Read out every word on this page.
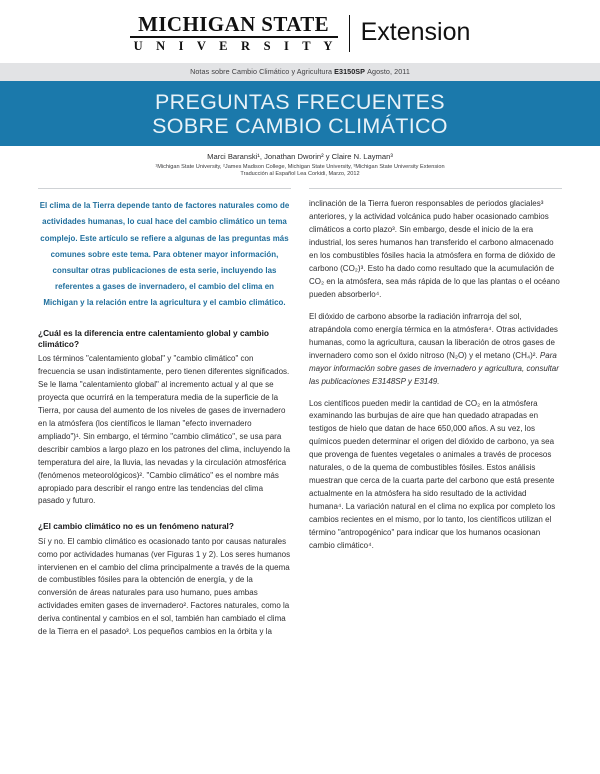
MICHIGAN STATE
U N I V E R S I T Y
Extension
Notas sobre Cambio Climático y Agricultura E3150SP Agosto, 2011
PREGUNTAS FRECUENTES
SOBRE CAMBIO CLIMÁTICO
Marci Baranski¹, Jonathan Dworin² y Claire N. Layman³
¹Michigan State University, ²James Madison College, Michigan State University, ³Michigan State University Extension
Traducción al Español Lea Corkidi, Marzo, 2012
El clima de la Tierra depende tanto de factores naturales como de actividades humanas, lo cual hace del cambio climático un tema complejo. Este artículo se refiere a algunas de las preguntas más comunes sobre este tema. Para obtener mayor información, consultar otras publicaciones de esta serie, incluyendo las referentes a gases de invernadero, el cambio del clima en Michigan y la relación entre la agricultura y el cambio climático.
¿Cuál es la diferencia entre calentamiento global y cambio climático?

Los términos "calentamiento global" y "cambio climático" con frecuencia se usan indistintamente, pero tienen diferentes significados. Se le llama "calentamiento global" al incremento actual y al que se proyecta que ocurrirá en la temperatura media de la superficie de la Tierra, por causa del aumento de los niveles de gases de invernadero en la atmósfera (los científicos le llaman "efecto invernadero ampliado")¹. Sin embargo, el término "cambio climático", se usa para describir cambios a largo plazo en los patrones del clima, incluyendo la temperatura del aire, la lluvia, las nevadas y la circulación atmosférica (fenómenos meteorológicos)². "Cambio climático" es el nombre más apropiado para describir el rango entre las tendencias del clima pasado y futuro.

¿El cambio climático no es un fenómeno natural?

Sí y no. El cambio climático es ocasionado tanto por causas naturales como por actividades humanas (ver Figuras 1 y 2). Los seres humanos intervienen en el cambio del clima principalmente a través de la quema de combustibles fósiles para la obtención de energía, y de la conversión de áreas naturales para uso humano, pues ambas actividades emiten gases de invernadero². Factores naturales, como la deriva continental y cambios en el sol, también han cambiado el clima de la Tierra en el pasado³. Los pequeños cambios en la órbita y la

inclinación de la Tierra fueron responsables de periodos glaciales³ anteriores, y la actividad volcánica pudo haber ocasionado cambios climáticos a corto plazo³. Sin embargo, desde el inicio de la era industrial, los seres humanos han transferido el carbono almacenado en los combustibles fósiles hacia la atmósfera en forma de dióxido de carbono (CO₂)³. Esto ha dado como resultado que la acumulación de CO₂ en la atmósfera, sea más rápida de lo que las plantas o el océano pueden absorberlo⁴.

El dióxido de carbono absorbe la radiación infrarroja del sol, atrapándola como energía térmica en la atmósfera⁴. Otras actividades humanas, como la agricultura, causan la liberación de otros gases de invernadero como son el óxido nitroso (N₂O) y el metano (CH₄)². Para mayor información sobre gases de invernadero y agricultura, consultar las publicaciones E3148SP y E3149.

Los científicos pueden medir la cantidad de CO₂ en la atmósfera examinando las burbujas de aire que han quedado atrapadas en testigos de hielo que datan de hace 650,000 años. A su vez, los químicos pueden determinar el origen del dióxido de carbono, ya sea que provenga de fuentes vegetales o animales a través de procesos naturales, o de la quema de combustibles fósiles. Estos análisis muestran que cerca de la cuarta parte del carbono que está presente actualmente en la atmósfera ha sido resultado de la actividad humana⁴. La variación natural en el clima no explica por completo los cambios recientes en el mismo, por lo tanto, los científicos utilizan el término "antropogénico" para indicar que los humanos ocasionan cambio climático⁴.
